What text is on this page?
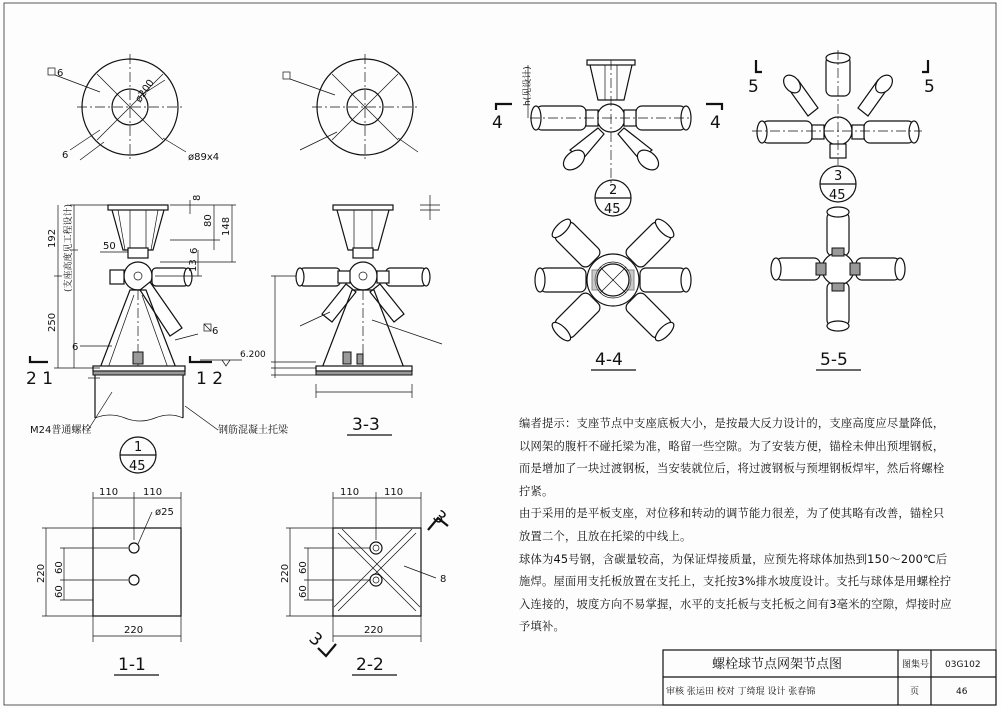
ø200
6
6	ø89x4
192
250
(支座高度见工程设计)
8
80 148
6
13
50
6
6
6.200
2 1	1 2
M24普通螺栓	钢筋混凝土托梁
1
45
3-3
h(见设计)
4	4
2
45
5	5
3
45
4-4	5-5
110 110
ø25
220 60
60
220
1-1
110 110
220 60
60
220
8
3
3
2-2	螺栓球节点网架节点图	图集号 03G102
审核 张运田 校对 丁绮琨 设计 张春锦	页	46

编者提示：支座节点中支座底板大小，是按最大反力设计的，支座高度应尽量降低，以网架的腹杆不碰托梁为准，略留一些空隙。为了安装方便，锚栓未伸出预埋钢板，而是增加了一块过渡钢板，当安装就位后，将过渡钢板与预埋钢板焊牢，然后将螺栓拧紧。

由于采用的是平板支座，对位移和转动的调节能力很差，为了使其略有改善，锚栓只放置二个，且放在托梁的中线上。

球体为45号钢，含碳量较高，为保证焊接质量，应预先将球体加热到150～200℃后施焊。屋面用支托板放置在支托上，支托按3%排水坡度设计。支托与球体是用螺栓拧入连接的，坡度方向不易掌握，水平的支托板与支托板之间有3毫米的空隙，焊接时应予填补。
